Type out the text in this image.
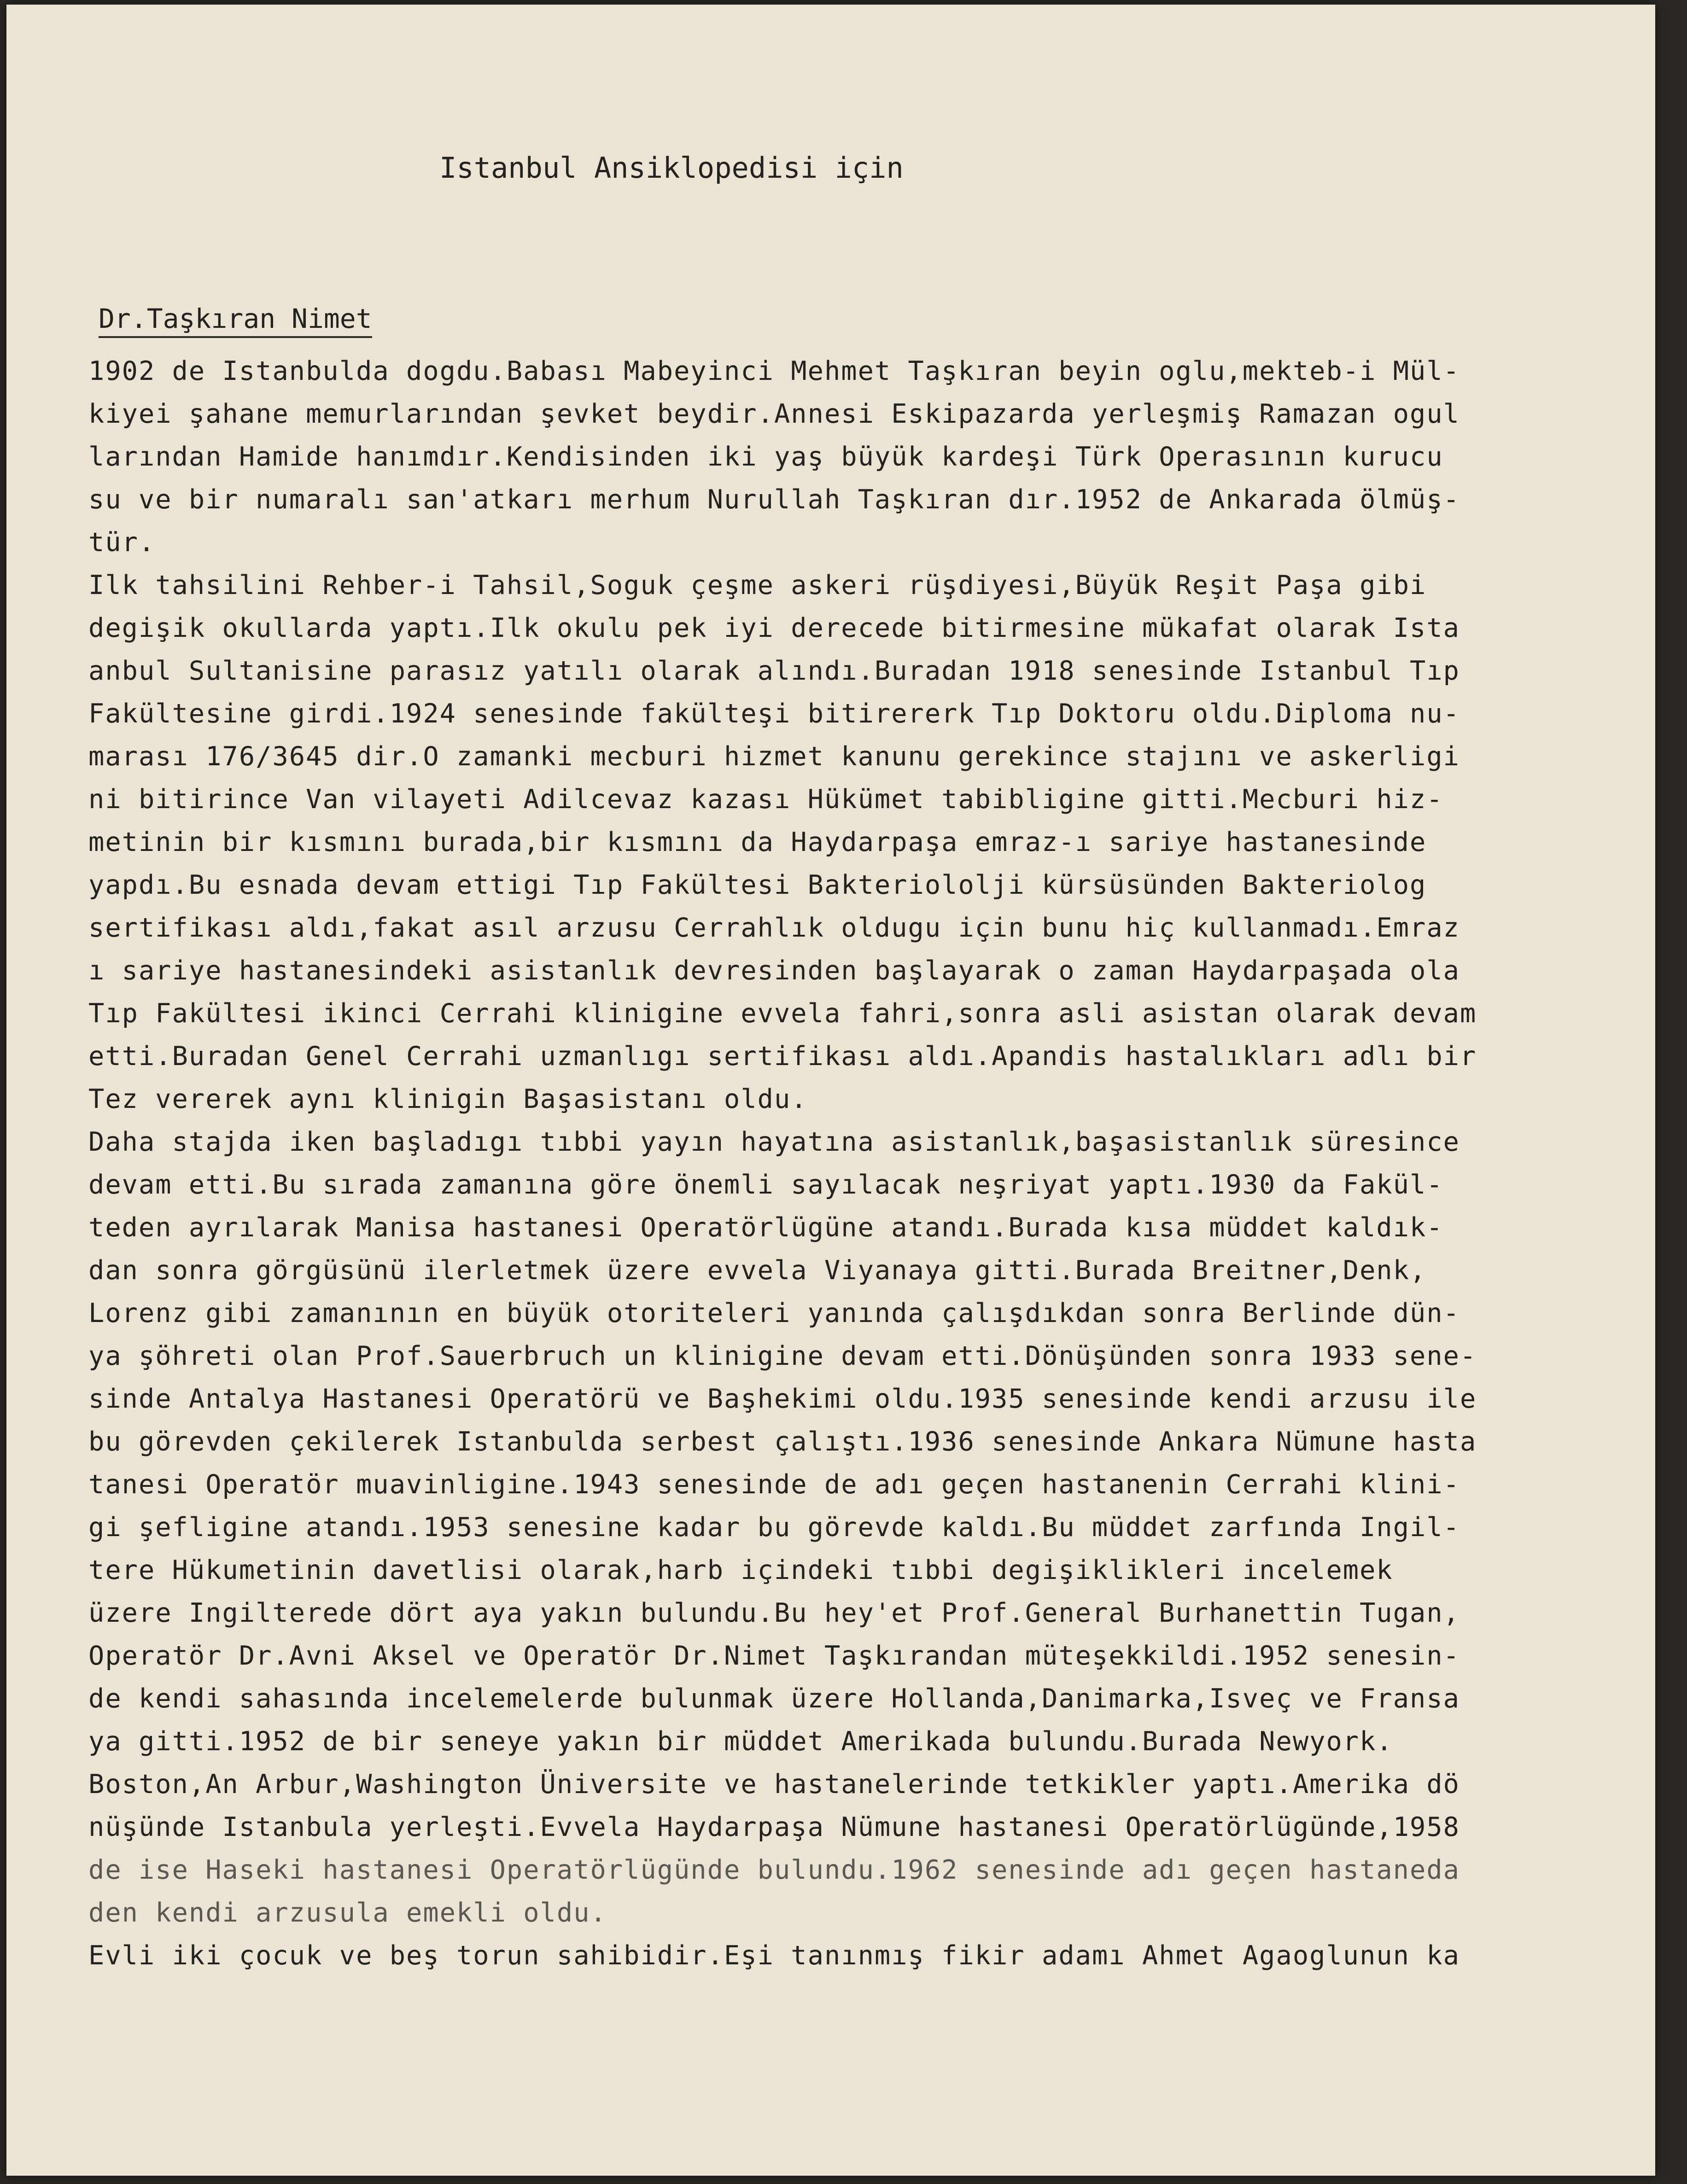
Istanbul Ansiklopedisi için
Dr.Taşkıran Nimet
1902 de Istanbulda dogdu.Babası Mabeyinci Mehmet Taşkıran beyin oglu,mekteb-i Mül-
kiyei şahane memurlarından şevket beydir.Annesi Eskipazarda yerleşmiş Ramazan ogul
larından Hamide hanımdır.Kendisinden iki yaş büyük kardeşi Türk Operasının kurucu
su ve bir numaralı san'atkarı merhum Nurullah Taşkıran dır.1952 de Ankarada ölmüş-
tür.
Ilk tahsilini Rehber-i Tahsil,Soguk çeşme askeri rüşdiyesi,Büyük Reşit Paşa gibi
degişik okullarda yaptı.Ilk okulu pek iyi derecede bitirmesine mükafat olarak Ista
anbul Sultanisine parasız yatılı olarak alındı.Buradan 1918 senesinde Istanbul Tıp
Fakültesine girdi.1924 senesinde fakülteşi bitirererk Tıp Doktoru oldu.Diploma nu-
marası 176/3645 dir.O zamanki mecburi hizmet kanunu gerekince stajını ve askerligi
ni bitirince Van vilayeti Adilcevaz kazası Hükümet tabibligine gitti.Mecburi hiz-
metinin bir kısmını burada,bir kısmını da Haydarpaşa emraz-ı sariye hastanesinde
yapdı.Bu esnada devam ettigi Tıp Fakültesi Bakteriololji kürsüsünden Bakteriolog
sertifikası aldı,fakat asıl arzusu Cerrahlık oldugu için bunu hiç kullanmadı.Emraz
ı sariye hastanesindeki asistanlık devresinden başlayarak o zaman Haydarpaşada ola
Tıp Fakültesi ikinci Cerrahi klinigine evvela fahri,sonra asli asistan olarak devam
etti.Buradan Genel Cerrahi uzmanlıgı sertifikası aldı.Apandis hastalıkları adlı bir
Tez vererek aynı klinigin Başasistanı oldu.
Daha stajda iken başladıgı tıbbi yayın hayatına asistanlık,başasistanlık süresince
devam etti.Bu sırada zamanına göre önemli sayılacak neşriyat yaptı.1930 da Fakül-
teden ayrılarak Manisa hastanesi Operatörlügüne atandı.Burada kısa müddet kaldık-
dan sonra görgüsünü ilerletmek üzere evvela Viyanaya gitti.Burada Breitner,Denk,
Lorenz gibi zamanının en büyük otoriteleri yanında çalışdıkdan sonra Berlinde dün-
ya şöhreti olan Prof.Sauerbruch un klinigine devam etti.Dönüşünden sonra 1933 sene-
sinde Antalya Hastanesi Operatörü ve Başhekimi oldu.1935 senesinde kendi arzusu ile
bu görevden çekilerek Istanbulda serbest çalıştı.1936 senesinde Ankara Nümune hasta
tanesi Operatör muavinligine.1943 senesinde de adı geçen hastanenin Cerrahi klini-
gi şefligine atandı.1953 senesine kadar bu görevde kaldı.Bu müddet zarfında Ingil-
tere Hükumetinin davetlisi olarak,harb içindeki tıbbi degişiklikleri incelemek
üzere Ingilterede dört aya yakın bulundu.Bu hey'et Prof.General Burhanettin Tugan,
Operatör Dr.Avni Aksel ve Operatör Dr.Nimet Taşkırandan müteşekkildi.1952 senesin-
de kendi sahasında incelemelerde bulunmak üzere Hollanda,Danimarka,Isveç ve Fransa
ya gitti.1952 de bir seneye yakın bir müddet Amerikada bulundu.Burada Newyork.
Boston,An Arbur,Washington Üniversite ve hastanelerinde tetkikler yaptı.Amerika dö
nüşünde Istanbula yerleşti.Evvela Haydarpaşa Nümune hastanesi Operatörlügünde,1958
de ise Haseki hastanesi Operatörlügünde bulundu.1962 senesinde adı geçen hastaneda
den kendi arzusula emekli oldu.
Evli iki çocuk ve beş torun sahibidir.Eşi tanınmış fikir adamı Ahmet Agaoglunun ka
